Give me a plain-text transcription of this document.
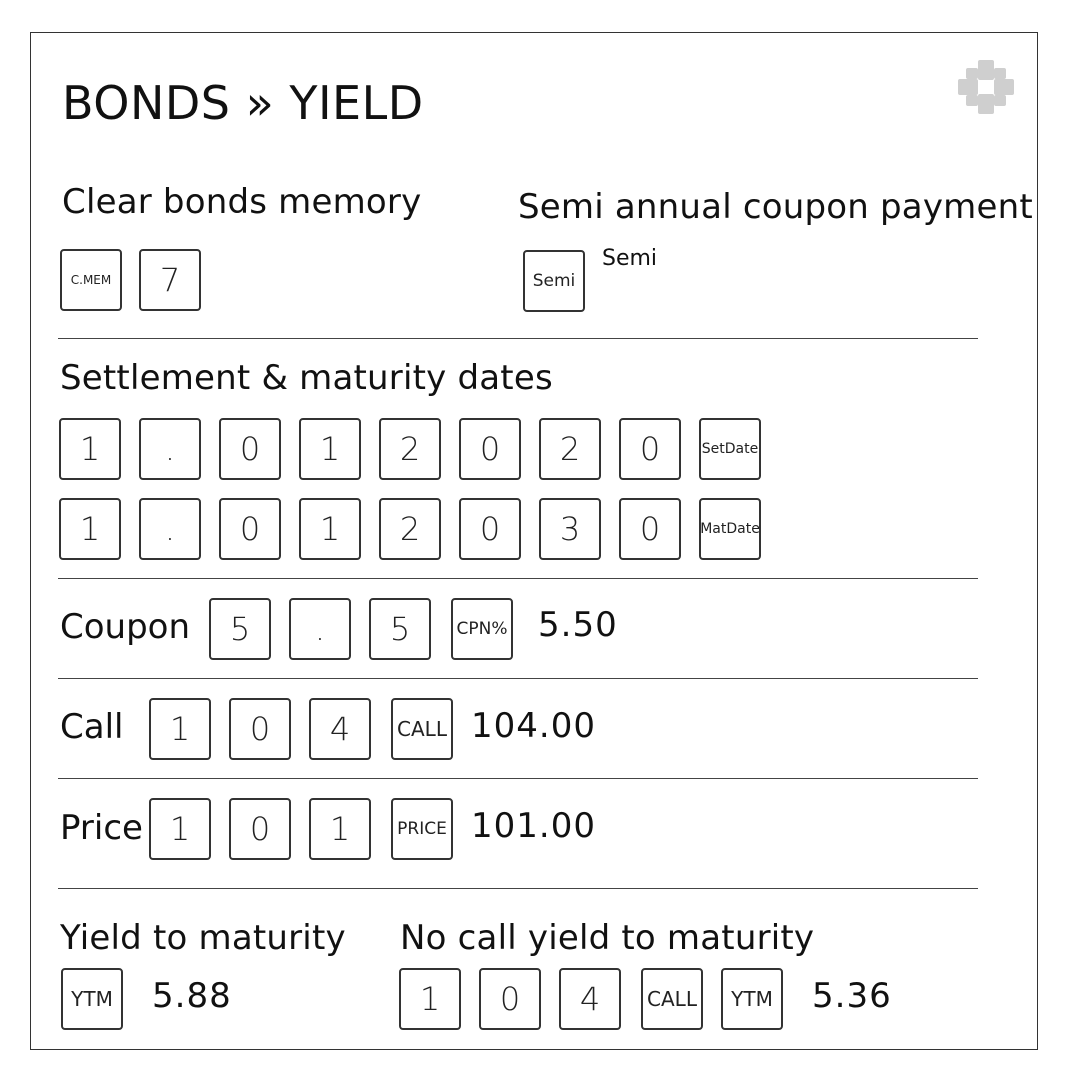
BONDS » YIELD
Clear bonds memory
C.MEM	7
Semi annual coupon payment
Semi
Semi
Settlement & maturity dates
1	.	0	1	2	0	2	0	SetDate
1	.	0	1	2	0	3	0	MatDate
Coupon	5	.	5	CPN% 5.50
Call	1	0	4	CALL 104.00
Price 1	0	1	PRICE 101.00
Yield to maturity
YTM 5.88
No call yield to maturity
1	0	4	CALL	YTM 5.36
